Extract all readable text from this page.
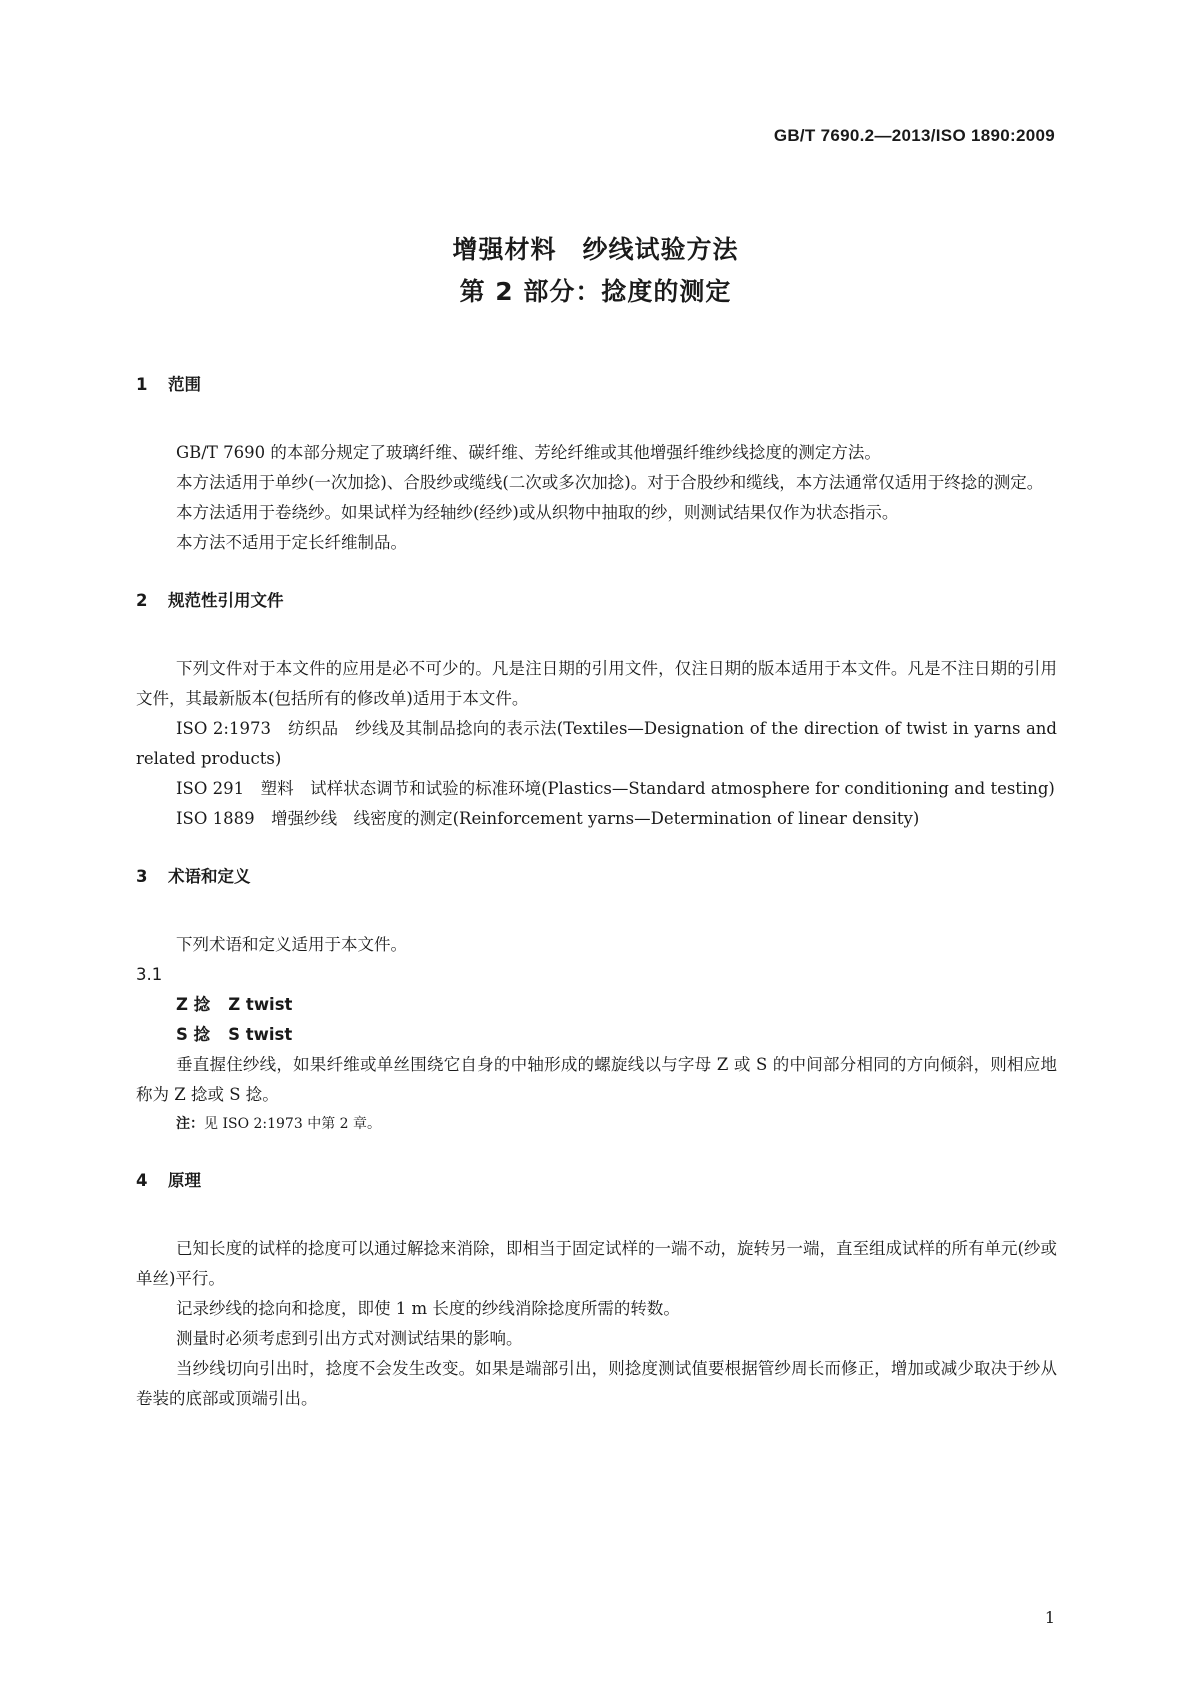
GB/T 7690.2—2013/ISO 1890:2009
增强材料　纱线试验方法
第 2 部分：捻度的测定
1 范围

GB/T 7690 的本部分规定了玻璃纤维、碳纤维、芳纶纤维或其他增强纤维纱线捻度的测定方法。

本方法适用于单纱(一次加捻)、合股纱或缆线(二次或多次加捻)。对于合股纱和缆线，本方法通常仅适用于终捻的测定。

本方法适用于卷绕纱。如果试样为经轴纱(经纱)或从织物中抽取的纱，则测试结果仅作为状态指示。

本方法不适用于定长纤维制品。

2 规范性引用文件

下列文件对于本文件的应用是必不可少的。凡是注日期的引用文件，仅注日期的版本适用于本文件。凡是不注日期的引用文件，其最新版本(包括所有的修改单)适用于本文件。

ISO 2:1973　纺织品　纱线及其制品捻向的表示法(Textiles—Designation of the direction of twist in yarns and related products)

ISO 291　塑料　试样状态调节和试验的标准环境(Plastics—Standard atmosphere for conditioning and testing)

ISO 1889　增强纱线　线密度的测定(Reinforcement yarns—Determination of linear density)

3 术语和定义

下列术语和定义适用于本文件。

3.1

Z 捻 Z twist

S 捻 S twist

垂直握住纱线，如果纤维或单丝围绕它自身的中轴形成的螺旋线以与字母 Z 或 S 的中间部分相同的方向倾斜，则相应地称为 Z 捻或 S 捻。

注：见 ISO 2:1973 中第 2 章。

4 原理

已知长度的试样的捻度可以通过解捻来消除，即相当于固定试样的一端不动，旋转另一端，直至组成试样的所有单元(纱或单丝)平行。

记录纱线的捻向和捻度，即使 1 m 长度的纱线消除捻度所需的转数。

测量时必须考虑到引出方式对测试结果的影响。

当纱线切向引出时，捻度不会发生改变。如果是端部引出，则捻度测试值要根据管纱周长而修正，增加或减少取决于纱从卷装的底部或顶端引出。

1
